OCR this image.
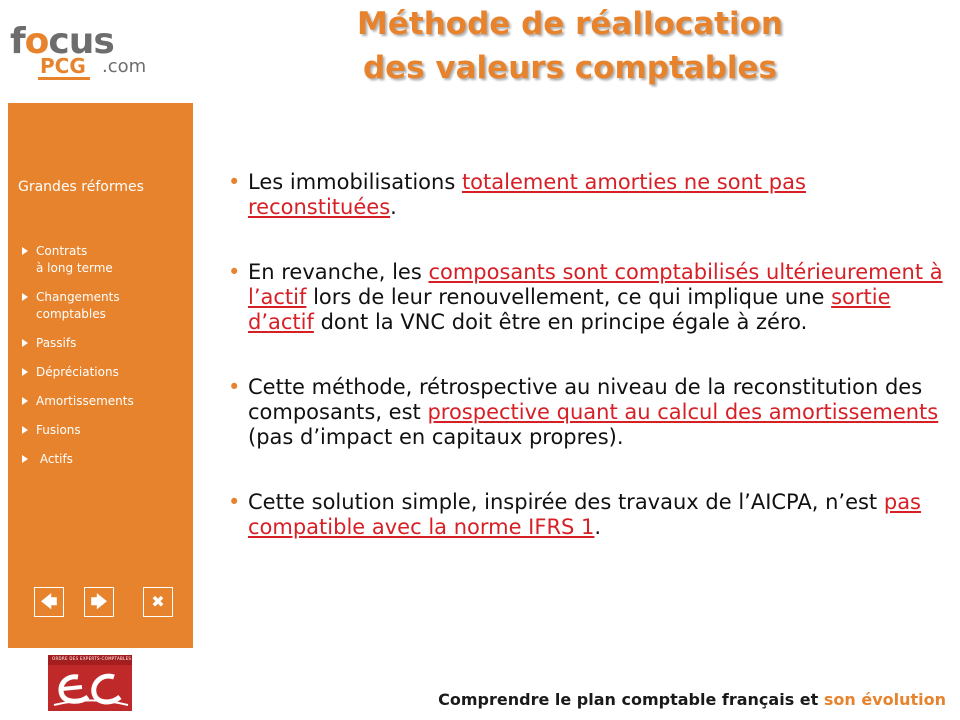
focus
PCG .com
Méthode de réallocation
des valeurs comptables
Grandes réformes
Contrats
à long terme
Changements
comptables
Passifs
Dépréciations
Amortissements
Fusions
Actifs
🡄	🡆	✖
• Les immobilisations totalement amorties ne sont pas reconstituées.
• En revanche, les composants sont comptabilisés ultérieurement à l’actif lors de leur renouvellement, ce qui implique une sortie d’actif dont la VNC doit être en principe égale à zéro.
• Cette méthode, rétrospective au niveau de la reconstitution des composants, est prospective quant au calcul des amortissements (pas d’impact en capitaux propres).
• Cette solution simple, inspirée des travaux de l’AICPA, n’est pas compatible avec la norme IFRS 1.
ORDRE DES EXPERTS-COMPTABLES
Comprendre le plan comptable français et son évolution
